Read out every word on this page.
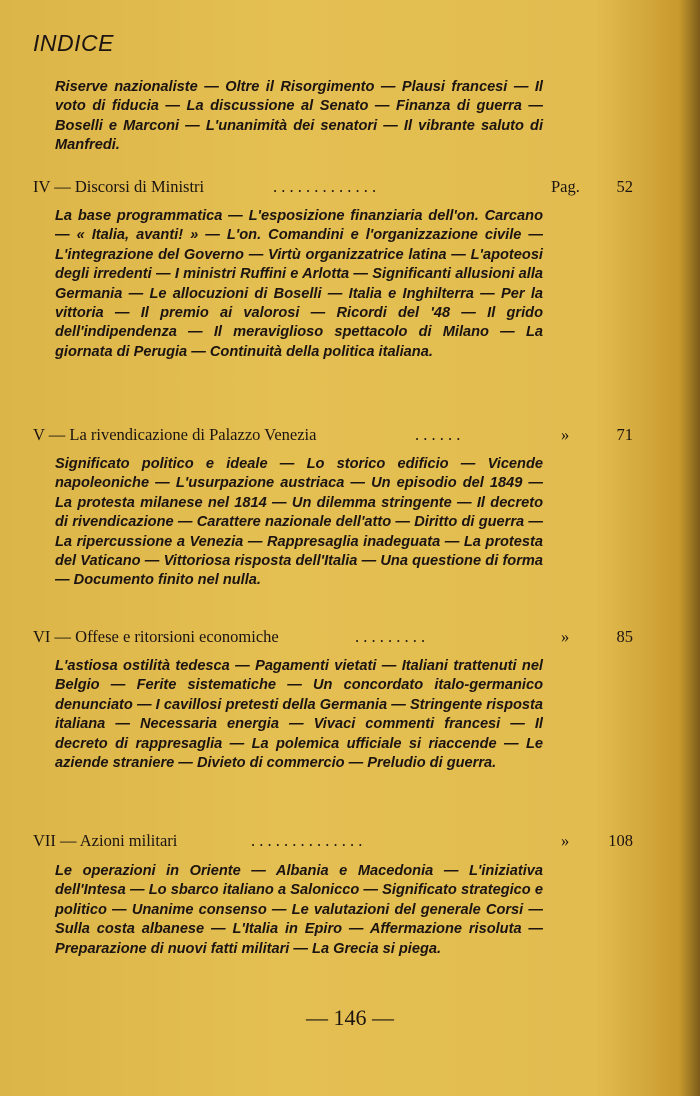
INDICE

Riserve nazionaliste — Oltre il Risorgimento — Plausi francesi — Il voto di fiducia — La discussione al Senato — Finanza di guerra — Boselli e Marconi — L'unanimità dei senatori — Il vibrante saluto di Manfredi.

IV — Discorsi di Ministri	. . . . . . . . . . . . .	Pag. 52

La base programmatica — L'esposizione finanziaria dell'on. Carcano — « Italia, avanti! » — L'on. Comandini e l'organizzazione civile — L'integrazione del Governo — Virtù organizzatrice latina — L'apoteosi degli irredenti — I ministri Ruffini e Arlotta — Significanti allusioni alla Germania — Le allocuzioni di Boselli — Italia e Inghilterra — Per la vittoria — Il premio ai valorosi — Ricordi del '48 — Il grido dell'indipendenza — Il meraviglioso spettacolo di Milano — La giornata di Perugia — Continuità della politica italiana.

V — La rivendicazione di Palazzo Venezia	. . . . . .	»	71

Significato politico e ideale — Lo storico edificio — Vicende napoleoniche — L'usurpazione austriaca — Un episodio del 1849 — La protesta milanese nel 1814 — Un dilemma stringente — Il decreto di rivendicazione — Carattere nazionale dell'atto — Diritto di guerra — La ripercussione a Venezia — Rappresaglia inadeguata — La protesta del Vaticano — Vittoriosa risposta dell'Italia — Una questione di forma — Documento finito nel nulla.

VI — Offese e ritorsioni economiche	. . . . . . . . .	»	85

L'astiosa ostilità tedesca — Pagamenti vietati — Italiani trattenuti nel Belgio — Ferite sistematiche — Un concordato italo-germanico denunciato — I cavillosi pretesti della Germania — Stringente risposta italiana — Necessaria energia — Vivaci commenti francesi — Il decreto di rappresaglia — La polemica ufficiale si riaccende — Le aziende straniere — Divieto di commercio — Preludio di guerra.

VII — Azioni militari	. . . . . . . . . . . . . .	» 108

Le operazioni in Oriente — Albania e Macedonia — L'iniziativa dell'Intesa — Lo sbarco italiano a Salonicco — Significato strategico e politico — Unanime consenso — Le valutazioni del generale Corsi — Sulla costa albanese — L'Italia in Epiro — Affermazione risoluta — Preparazione di nuovi fatti militari — La Grecia si piega.

— 146 —
